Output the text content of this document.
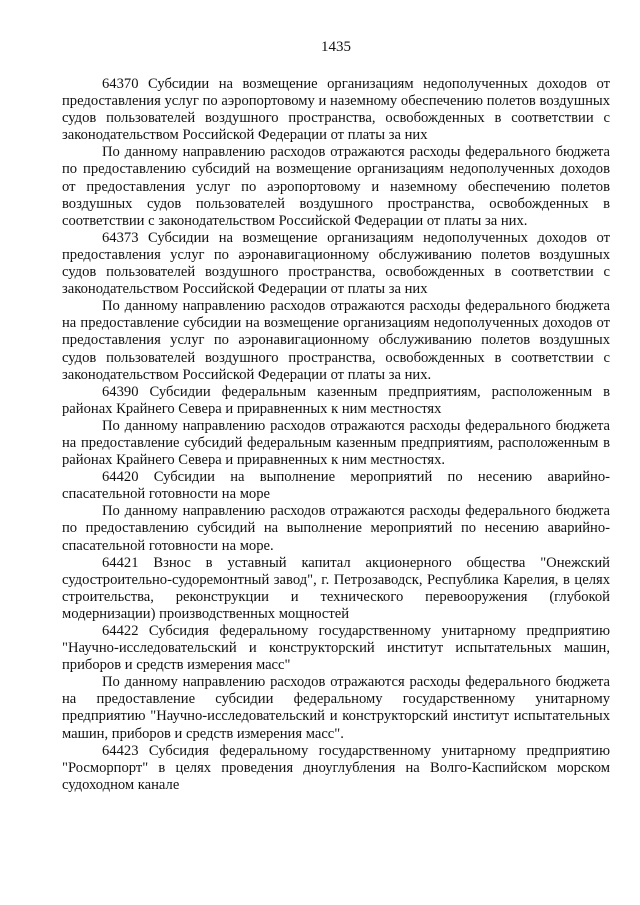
1435

64370 Субсидии на возмещение организациям недополученных доходов от предоставления услуг по аэропортовому и наземному обеспечению полетов воздушных судов пользователей воздушного пространства, освобожденных в соответствии с законодательством Российской Федерации от платы за них

По данному направлению расходов отражаются расходы федерального бюджета по предоставлению субсидий на возмещение организациям недополученных доходов от предоставления услуг по аэропортовому и наземному обеспечению полетов воздушных судов пользователей воздушного пространства, освобожденных в соответствии с законодательством Российской Федерации от платы за них.

64373 Субсидии на возмещение организациям недополученных доходов от предоставления услуг по аэронавигационному обслуживанию полетов воздушных судов пользователей воздушного пространства, освобожденных в соответствии с законодательством Российской Федерации от платы за них

По данному направлению расходов отражаются расходы федерального бюджета на предоставление субсидии на возмещение организациям недополученных доходов от предоставления услуг по аэронавигационному обслуживанию полетов воздушных судов пользователей воздушного пространства, освобожденных в соответствии с законодательством Российской Федерации от платы за них.

64390 Субсидии федеральным казенным предприятиям, расположенным в районах Крайнего Севера и приравненных к ним местностях

По данному направлению расходов отражаются расходы федерального бюджета на предоставление субсидий федеральным казенным предприятиям, расположенным в районах Крайнего Севера и приравненных к ним местностях.

64420 Субсидии на выполнение мероприятий по несению аварийно-спасательной готовности на море

По данному направлению расходов отражаются расходы федерального бюджета по предоставлению субсидий на выполнение мероприятий по несению аварийно-спасательной готовности на море.

64421 Взнос в уставный капитал акционерного общества "Онежский судостроительно-судоремонтный завод", г. Петрозаводск, Республика Карелия, в целях строительства, реконструкции и технического перевооружения (глубокой модернизации) производственных мощностей

64422 Субсидия федеральному государственному унитарному предприятию "Научно-исследовательский и конструкторский институт испытательных машин, приборов и средств измерения масс"

По данному направлению расходов отражаются расходы федерального бюджета на предоставление субсидии федеральному государственному унитарному предприятию "Научно-исследовательский и конструкторский институт испытательных машин, приборов и средств измерения масс".

64423 Субсидия федеральному государственному унитарному предприятию "Росморпорт" в целях проведения дноуглубления на Волго-Каспийском морском судоходном канале
